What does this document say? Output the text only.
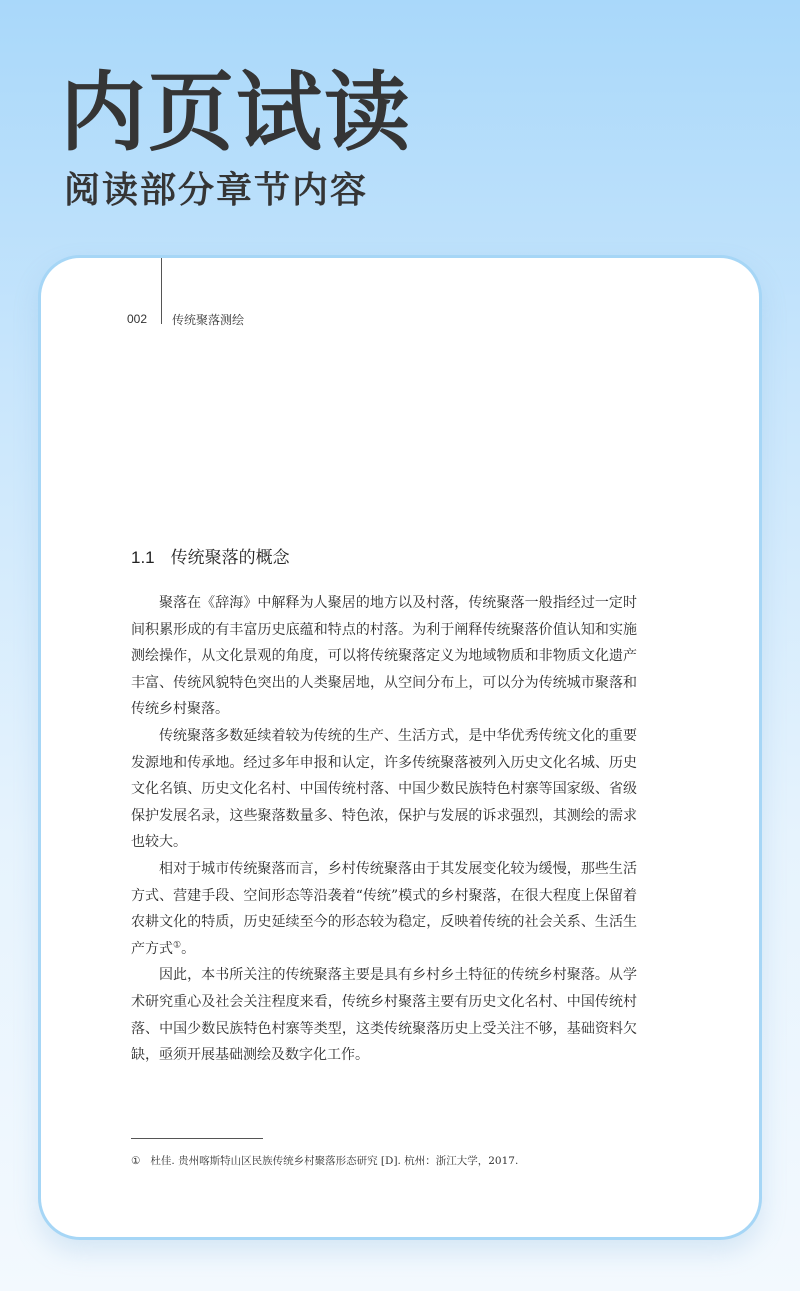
内页试读
阅读部分章节内容
002 传统聚落测绘
1.1 传统聚落的概念

聚落在《辞海》中解释为人聚居的地方以及村落，传统聚落一般指经过一定时间积累形成的有丰富历史底蕴和特点的村落。为利于阐释传统聚落价值认知和实施测绘操作，从文化景观的角度，可以将传统聚落定义为地域物质和非物质文化遗产丰富、传统风貌特色突出的人类聚居地，从空间分布上，可以分为传统城市聚落和传统乡村聚落。

传统聚落多数延续着较为传统的生产、生活方式，是中华优秀传统文化的重要发源地和传承地。经过多年申报和认定，许多传统聚落被列入历史文化名城、历史文化名镇、历史文化名村、中国传统村落、中国少数民族特色村寨等国家级、省级保护发展名录，这些聚落数量多、特色浓，保护与发展的诉求强烈，其测绘的需求也较大。

相对于城市传统聚落而言，乡村传统聚落由于其发展变化较为缓慢，那些生活方式、营建手段、空间形态等沿袭着“传统”模式的乡村聚落，在很大程度上保留着农耕文化的特质，历史延续至今的形态较为稳定，反映着传统的社会关系、生活生产方式①。

因此，本书所关注的传统聚落主要是具有乡村乡土特征的传统乡村聚落。从学术研究重心及社会关注程度来看，传统乡村聚落主要有历史文化名村、中国传统村落、中国少数民族特色村寨等类型，这类传统聚落历史上受关注不够，基础资料欠缺，亟须开展基础测绘及数字化工作。

① 杜佳. 贵州喀斯特山区民族传统乡村聚落形态研究 [D]. 杭州：浙江大学，2017.
